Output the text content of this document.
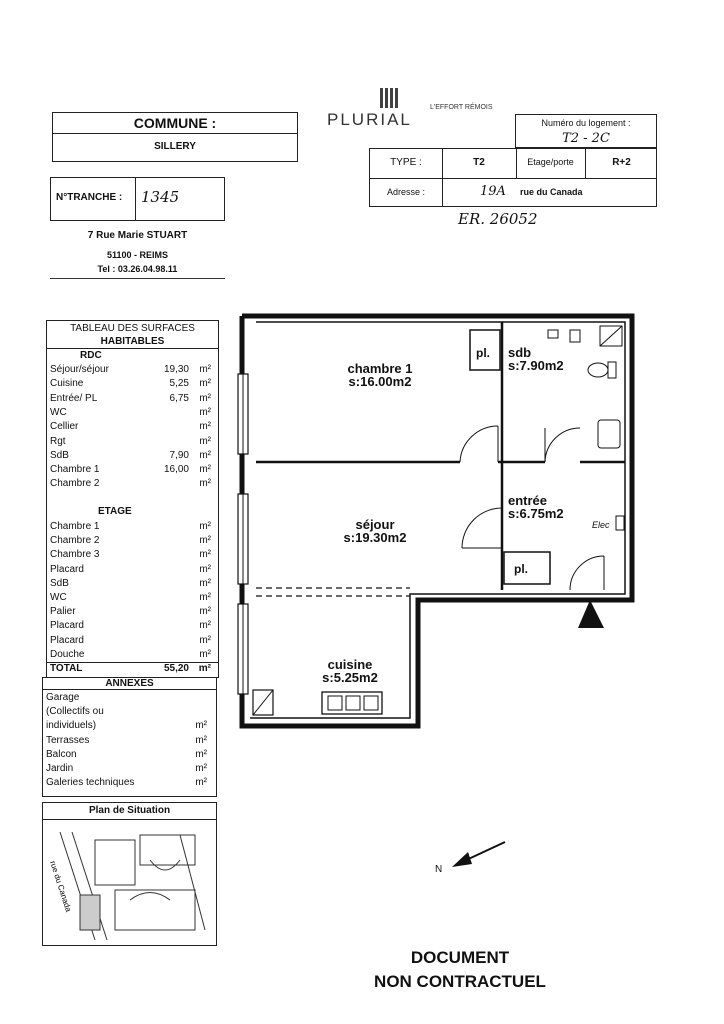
COMMUNE :
SILLERY
N°TRANCHE : 1345
7 Rue Marie STUART
51100 - REIMS
Tel : 03.26.04.98.11
PLURIAL
L'EFFORT RÉMOIS
Numéro du logement :
T2 - 2C
TYPE :	T2	Etage/porte	R+2
Adresse :	19A rue du Canada
ER. 26052
TABLEAU DES SURFACES
HABITABLES
RDC
Séjour/séjour	19,30 m²
Cuisine	5,25 m²
Entrée/ PL	6,75 m²
WC	m²
Cellier	m²
Rgt	m²
SdB	7,90 m²
Chambre 1	16,00 m²
Chambre 2	m²
ETAGE
Chambre 1	m²
Chambre 2	m²
Chambre 3	m²
Placard	m²
SdB	m²
WC	m²
Palier	m²
Placard	m²
Placard	m²
Douche	m²
TOTAL	55,20 m²
ANNEXES
Garage
(Collectifs ou
individuels)	m²
Terrasses	m²
Balcon	m²
Jardin	m²
Galeries techniques	m²
Plan de Situation
rue du Canada
chambre 1
s:16.00m2
pl. sdb
s:7.90m2
séjour
s:19.30m2
entrée
s:6.75m2
Elec
pl.
cuisine
s:5.25m2
N
DOCUMENT
NON CONTRACTUEL
